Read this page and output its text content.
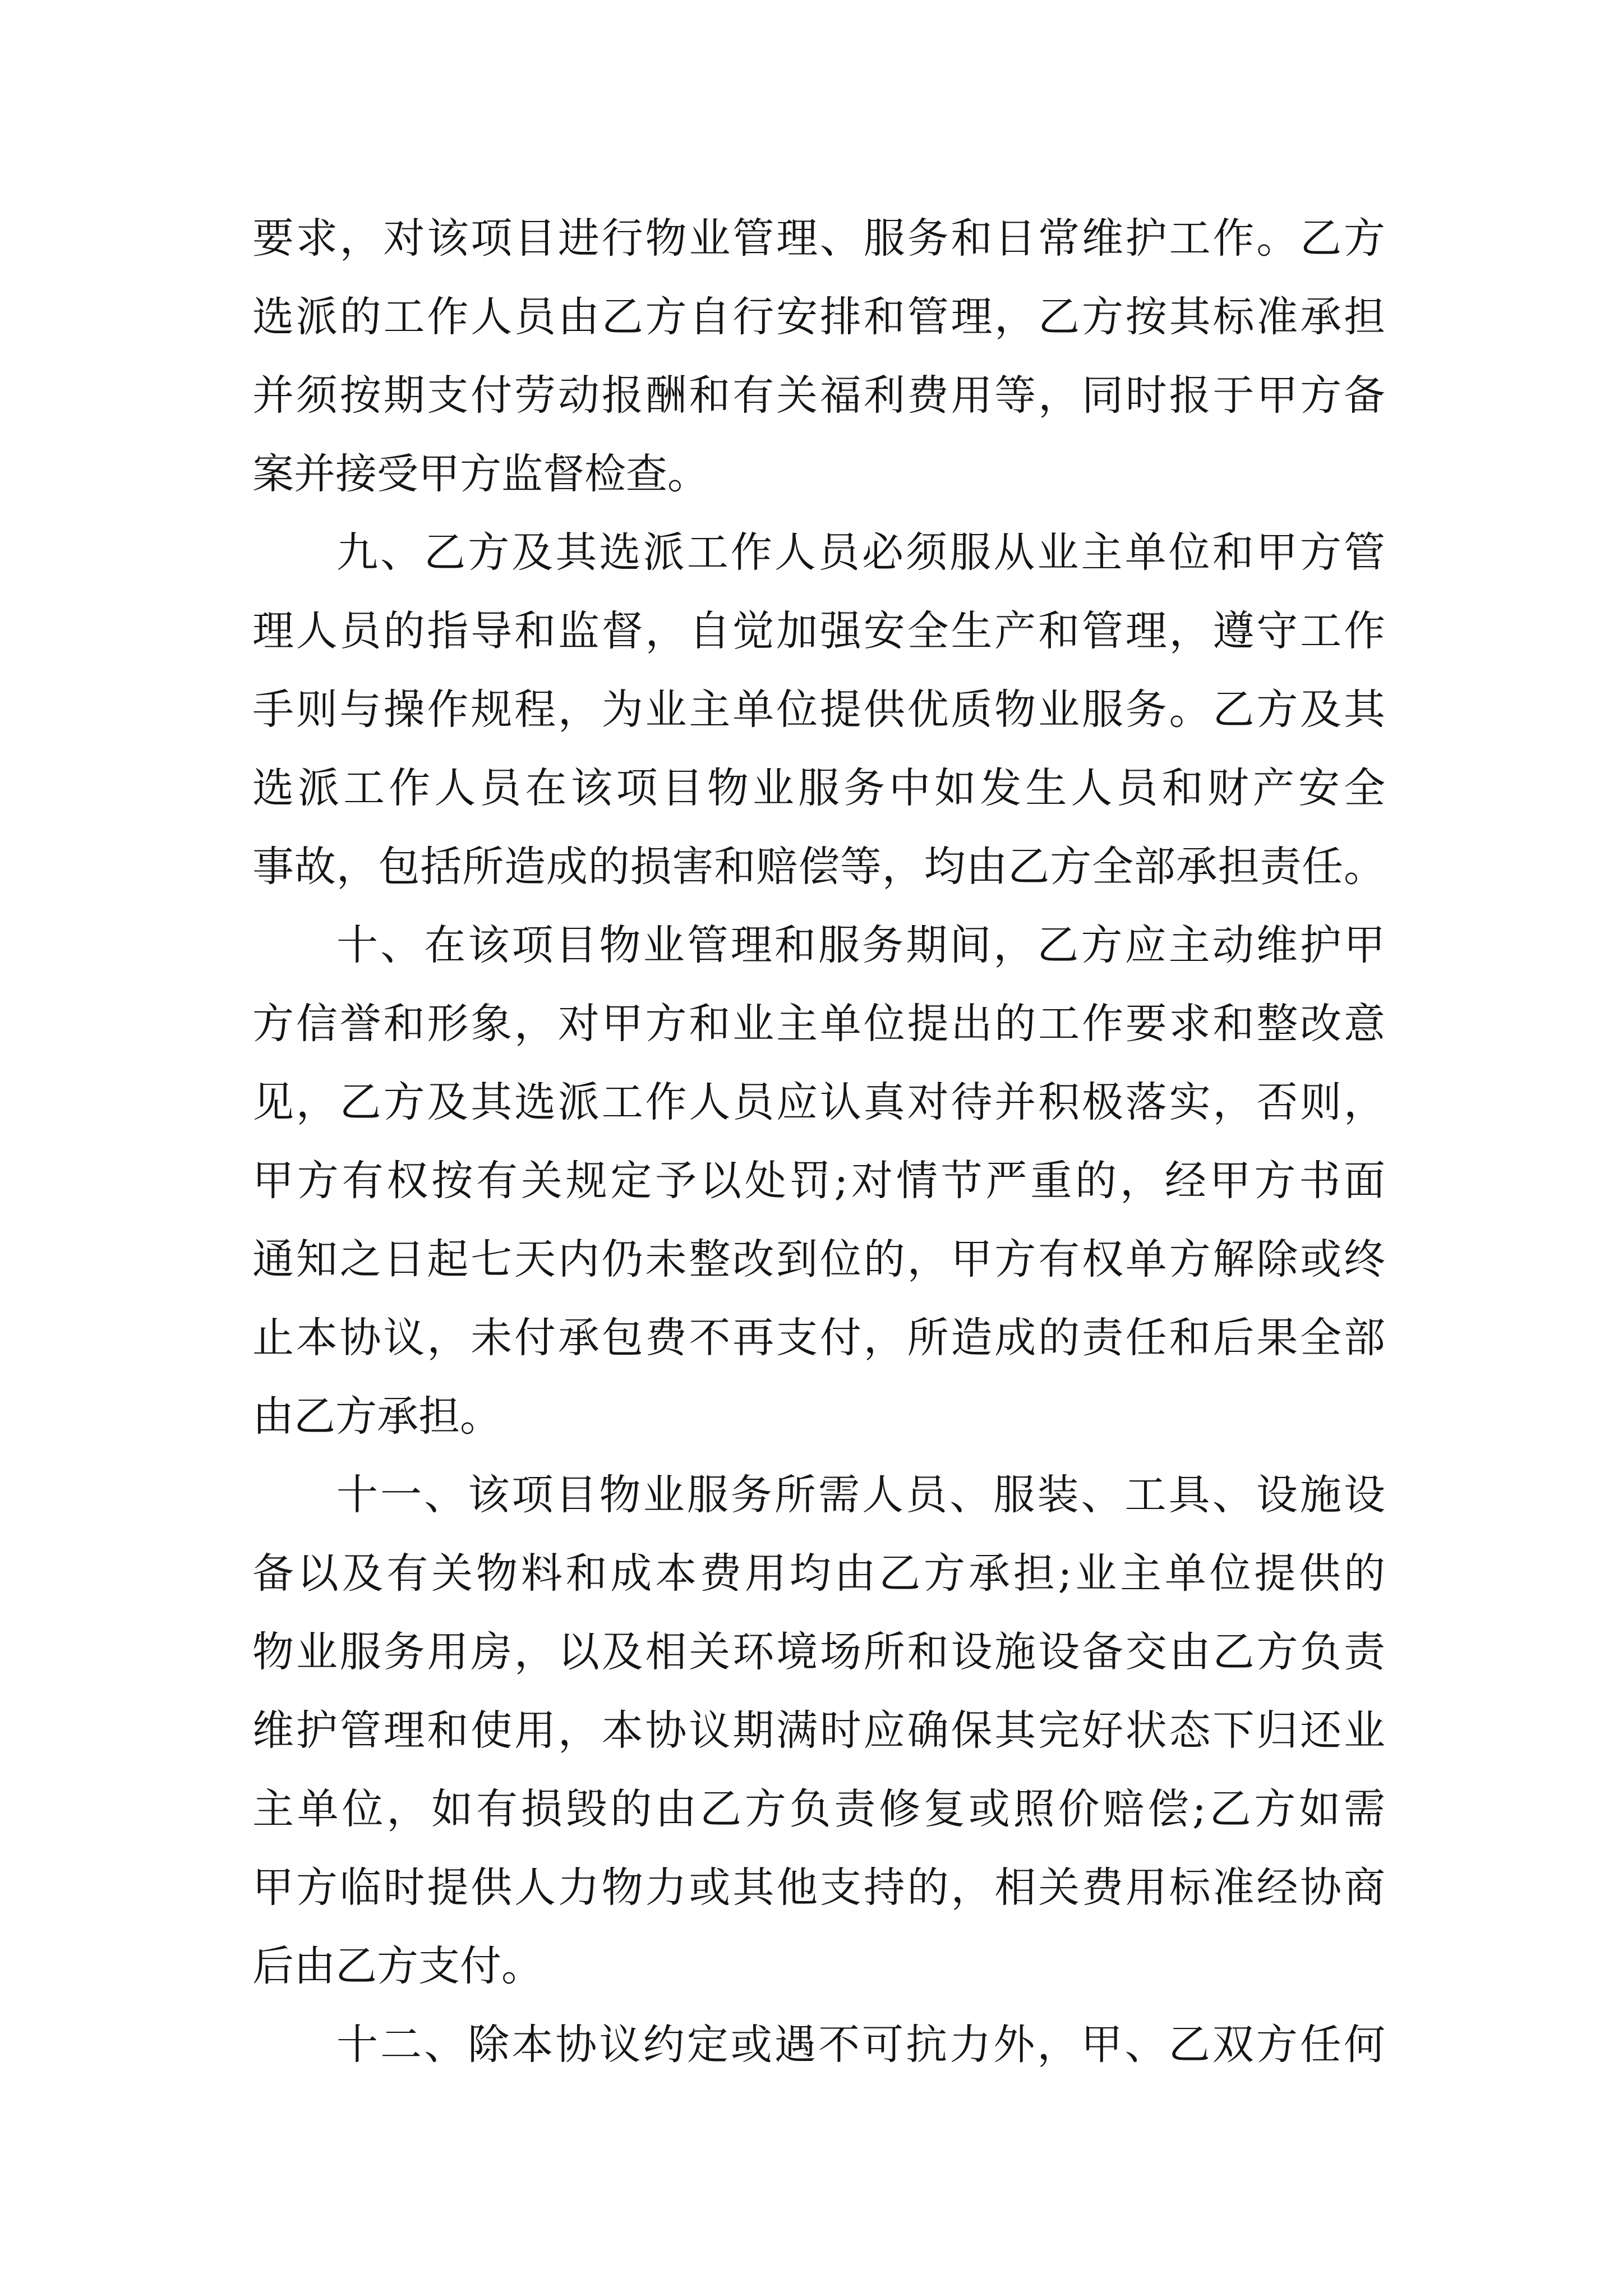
要求，对该项目进行物业管理、服务和日常维护工作。乙方
选派的工作人员由乙方自行安排和管理，乙方按其标准承担
并须按期支付劳动报酬和有关福利费用等，同时报于甲方备
案并接受甲方监督检查。
九、乙方及其选派工作人员必须服从业主单位和甲方管
理人员的指导和监督，自觉加强安全生产和管理，遵守工作
手则与操作规程，为业主单位提供优质物业服务。乙方及其
选派工作人员在该项目物业服务中如发生人员和财产安全
事故，包括所造成的损害和赔偿等，均由乙方全部承担责任。
十、在该项目物业管理和服务期间，乙方应主动维护甲
方信誉和形象，对甲方和业主单位提出的工作要求和整改意
见，乙方及其选派工作人员应认真对待并积极落实，否则，
甲方有权按有关规定予以处罚;对情节严重的，经甲方书面
通知之日起七天内仍未整改到位的，甲方有权单方解除或终
止本协议，未付承包费不再支付，所造成的责任和后果全部
由乙方承担。
十一、该项目物业服务所需人员、服装、工具、设施设
备以及有关物料和成本费用均由乙方承担;业主单位提供的
物业服务用房，以及相关环境场所和设施设备交由乙方负责
维护管理和使用，本协议期满时应确保其完好状态下归还业
主单位，如有损毁的由乙方负责修复或照价赔偿;乙方如需
甲方临时提供人力物力或其他支持的，相关费用标准经协商
后由乙方支付。
十二、除本协议约定或遇不可抗力外，甲、乙双方任何
